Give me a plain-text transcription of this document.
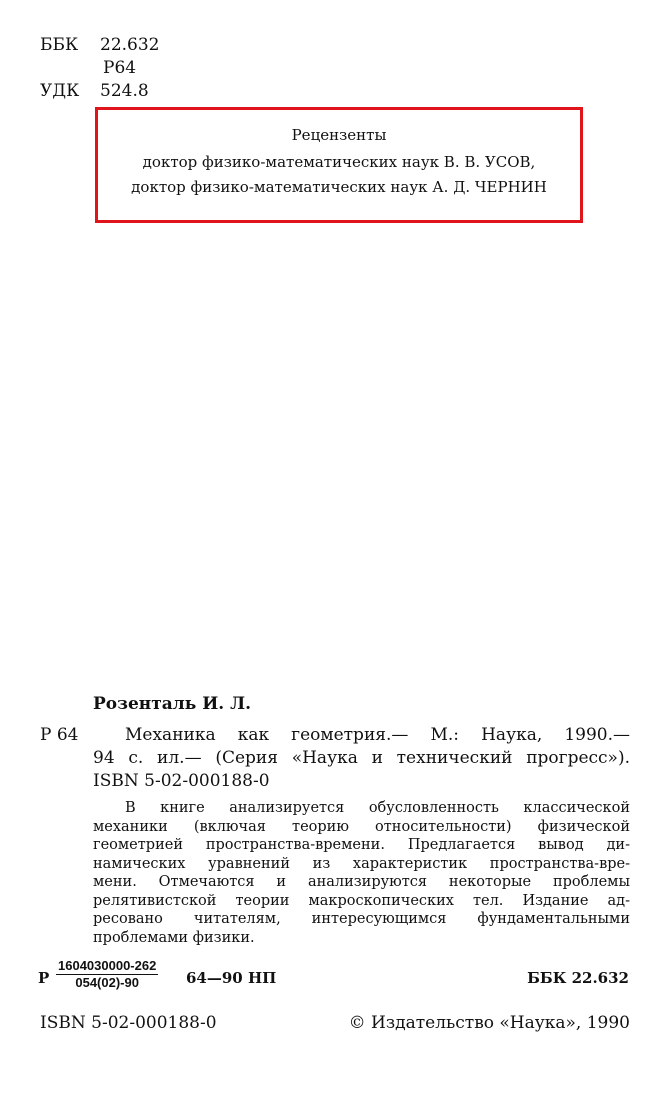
ББК 22.632
Р64
УДК 524.8
Рецензенты
доктор физико-математических наук В. В. УСОВ,
доктор физико-математических наук А. Д. ЧЕРНИН
Розенталь И. Л.
Р 64	Механика как геометрия.— М.: Наука, 1990.—
94 с. ил.— (Серия «Наука и технический прогресс»).
ISBN 5-02-000188-0
В книге анализируется обусловленность классической
механики (включая теорию относительности) физической
геометрией пространства-времени. Предлагается вывод ди-
намических уравнений из характеристик пространства-вре-
мени. Отмечаются и анализируются некоторые проблемы
релятивистской теории макроскопических тел. Издание ад-
ресовано читателям, интересующимся фундаментальными
проблемами физики.
Р $\frac{1604030000-262}{054(02)-90}$ 64—90 НП	ББК 22.632
ISBN 5-02-000188-0	© Издательство «Наука», 1990
